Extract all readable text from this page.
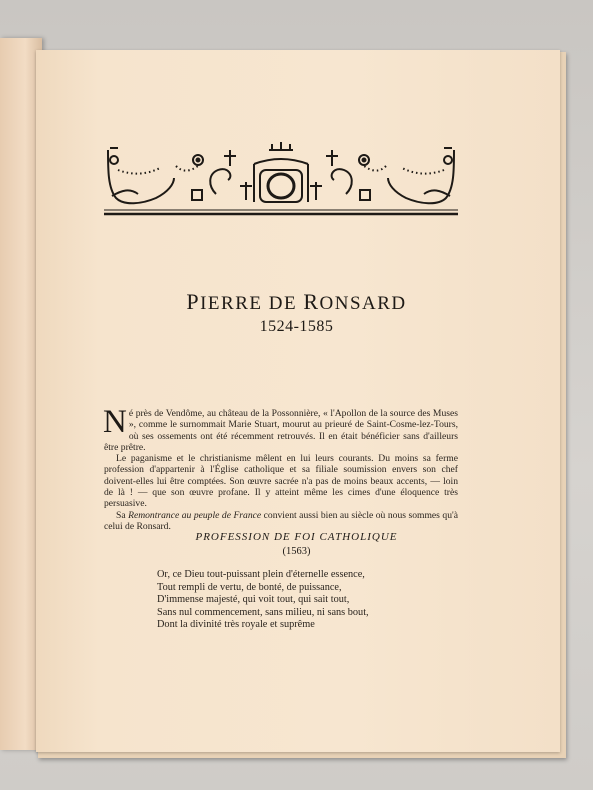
PIERRE DE RONSARD
1524-1585

Né près de Vendôme, au château de la Possonnière, « l'Apollon de la source des Muses », comme le surnommait Marie Stuart, mourut au prieuré de Saint-Cosme-lez-Tours, où ses ossements ont été récemment retrouvés. Il en était bénéficier sans d'ailleurs être prêtre.

Le paganisme et le christianisme mêlent en lui leurs courants. Du moins sa ferme profession d'appartenir à l'Église catholique et sa filiale soumission envers son chef doivent-elles lui être comptées. Son œuvre sacrée n'a pas de moins beaux accents, — loin de là ! — que son œuvre profane. Il y atteint même les cimes d'une éloquence très persuasive.

Sa Remontrance au peuple de France convient aussi bien au siècle où nous sommes qu'à celui de Ronsard.

PROFESSION DE FOI CATHOLIQUE
(1563)
Or, ce Dieu tout-puissant plein d'éternelle essence,
Tout rempli de vertu, de bonté, de puissance,
D'immense majesté, qui voit tout, qui sait tout,
Sans nul commencement, sans milieu, ni sans bout,
Dont la divinité très royale et suprême
